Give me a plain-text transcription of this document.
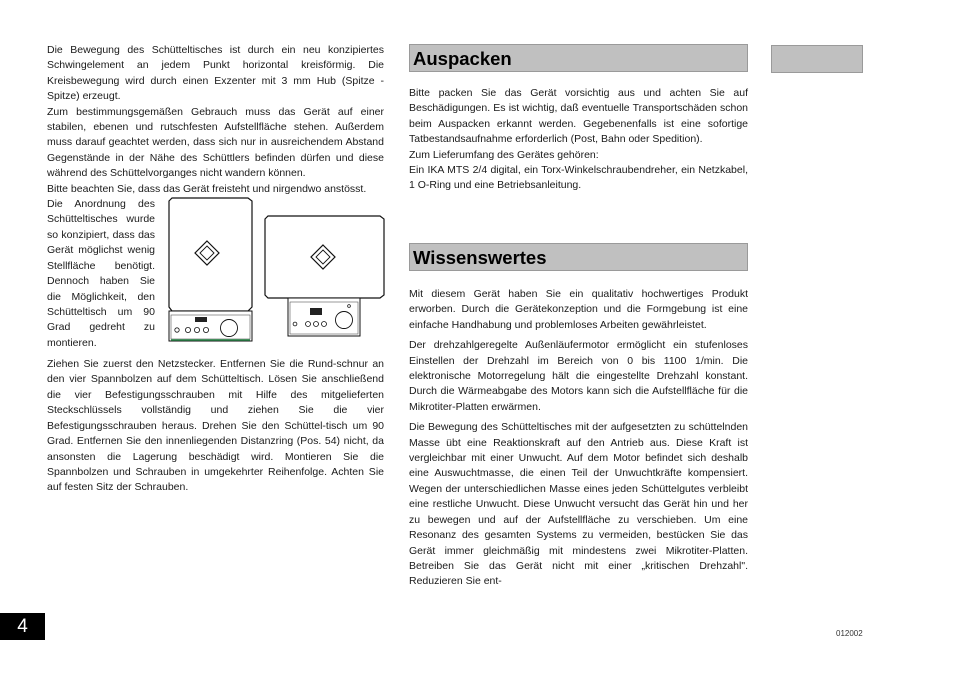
Die Bewegung des Schütteltisches ist durch ein neu konzipiertes Schwingelement an jedem Punkt horizontal kreisförmig. Die Kreisbewegung wird durch einen Exzenter mit 3 mm Hub (Spitze - Spitze) erzeugt.

Zum bestimmungsgemäßen Gebrauch muss das Gerät auf einer stabilen, ebenen und rutschfesten Aufstellfläche stehen. Außerdem muss darauf geachtet werden, dass sich nur in ausreichendem Abstand Gegenstände in der Nähe des Schüttlers befinden dürfen und diese während des Schüttelvorganges nicht wandern können.

Bitte beachten Sie, dass das Gerät freisteht und nirgendwo anstösst.

Die Anordnung des Schütteltisches wurde so konzipiert, dass das Gerät möglichst wenig Stellfläche benötigt. Dennoch haben Sie die Möglichkeit, den Schütteltisch um 90 Grad gedreht zu montieren.

Ziehen Sie zuerst den Netzstecker. Entfernen Sie die Rund-schnur an den vier Spannbolzen auf dem Schütteltisch. Lösen Sie anschließend die vier Befestigungsschrauben mit Hilfe des mitgelieferten Steckschlüssels vollständig und ziehen Sie die vier Befestigungsschrauben heraus. Drehen Sie den Schüttel-tisch um 90 Grad. Entfernen Sie den innenliegenden Distanzring (Pos. 54) nicht, da ansonsten die Lagerung beschädigt wird. Montieren Sie die Spannbolzen und Schrauben in umgekehrter Reihenfolge. Achten Sie auf festen Sitz der Schrauben.

Auspacken

Bitte packen Sie das Gerät vorsichtig aus und achten Sie auf Beschädigungen. Es ist wichtig, daß eventuelle Transportschäden schon beim Auspacken erkannt werden. Gegebenenfalls ist eine sofortige Tatbestandsaufnahme erforderlich (Post, Bahn oder Spedition).

Zum Lieferumfang des Gerätes gehören:

Ein IKA MTS 2/4 digital, ein Torx-Winkelschraubendreher, ein Netzkabel, 1 O-Ring und eine Betriebsanleitung.

Wissenswertes

Mit diesem Gerät haben Sie ein qualitativ hochwertiges Produkt erworben. Durch die Gerätekonzeption und die Formgebung ist eine einfache Handhabung und problemloses Arbeiten gewährleistet.

Der drehzahlgeregelte Außenläufermotor ermöglicht ein stufenloses Einstellen der Drehzahl im Bereich von 0 bis 1100 1/min. Die elektronische Motorregelung hält die eingestellte Drehzahl konstant. Durch die Wärmeabgabe des Motors kann sich die Aufstellfläche für die Mikrotiter-Platten erwärmen.

Die Bewegung des Schütteltisches mit der aufgesetzten zu schüttelnden Masse übt eine Reaktionskraft auf den Antrieb aus. Diese Kraft ist vergleichbar mit einer Unwucht. Auf dem Motor befindet sich deshalb eine Auswuchtmasse, die einen Teil der Unwuchtkräfte kompensiert. Wegen der unterschiedlichen Masse eines jeden Schüttelgutes verbleibt eine restliche Unwucht. Diese Unwucht versucht das Gerät hin und her zu bewegen und auf der Aufstellfläche zu verschieben. Um eine Resonanz des gesamten Systems zu vermeiden, bestücken Sie das Gerät immer gleichmäßig mit mindestens zwei Mikrotiter-Platten. Betreiben Sie das Gerät nicht mit einer „kritischen Drehzahl". Reduzieren Sie ent-

4	012002
